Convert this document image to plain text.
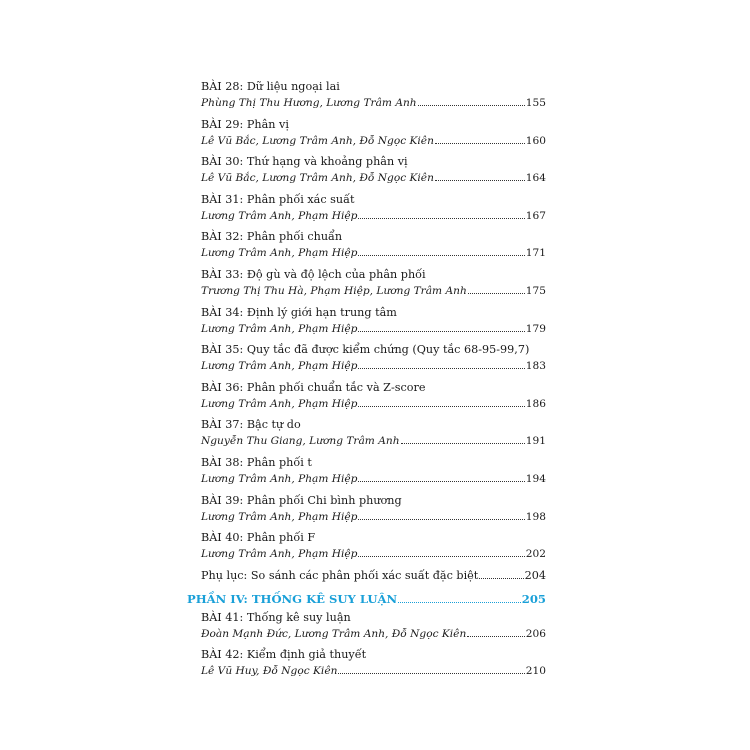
BÀI 28: Dữ liệu ngoại lai
Phùng Thị Thu Hương, Lương Trâm Anh	155
BÀI 29: Phân vị
Lê Vũ Bắc, Lương Trâm Anh, Đỗ Ngọc Kiên	160
BÀI 30: Thứ hạng và khoảng phân vị
Lê Vũ Bắc, Lương Trâm Anh, Đỗ Ngọc Kiên	164
BÀI 31: Phân phối xác suất
Lương Trâm Anh, Phạm Hiệp	167
BÀI 32: Phân phối chuẩn
Lương Trâm Anh, Phạm Hiệp	171
BÀI 33: Độ gù và độ lệch của phân phối
Trương Thị Thu Hà, Phạm Hiệp, Lương Trâm Anh	175
BÀI 34: Định lý giới hạn trung tâm
Lương Trâm Anh, Phạm Hiệp	179
BÀI 35: Quy tắc đã được kiểm chứng (Quy tắc 68-95-99,7)
Lương Trâm Anh, Phạm Hiệp	183
BÀI 36: Phân phối chuẩn tắc và Z-score
Lương Trâm Anh, Phạm Hiệp	186
BÀI 37: Bậc tự do
Nguyễn Thu Giang, Lương Trâm Anh	191
BÀI 38: Phân phối t
Lương Trâm Anh, Phạm Hiệp	194
BÀI 39: Phân phối Chi bình phương
Lương Trâm Anh, Phạm Hiệp	198
BÀI 40: Phân phối F
Lương Trâm Anh, Phạm Hiệp	202
Phụ lục: So sánh các phân phối xác suất đặc biệt	204
PHẦN IV: THỐNG KÊ SUY LUẬN	205
BÀI 41: Thống kê suy luận
Đoàn Mạnh Đức, Lương Trâm Anh, Đỗ Ngọc Kiên	206
BÀI 42: Kiểm định giả thuyết
Lê Vũ Huy, Đỗ Ngọc Kiên	210
